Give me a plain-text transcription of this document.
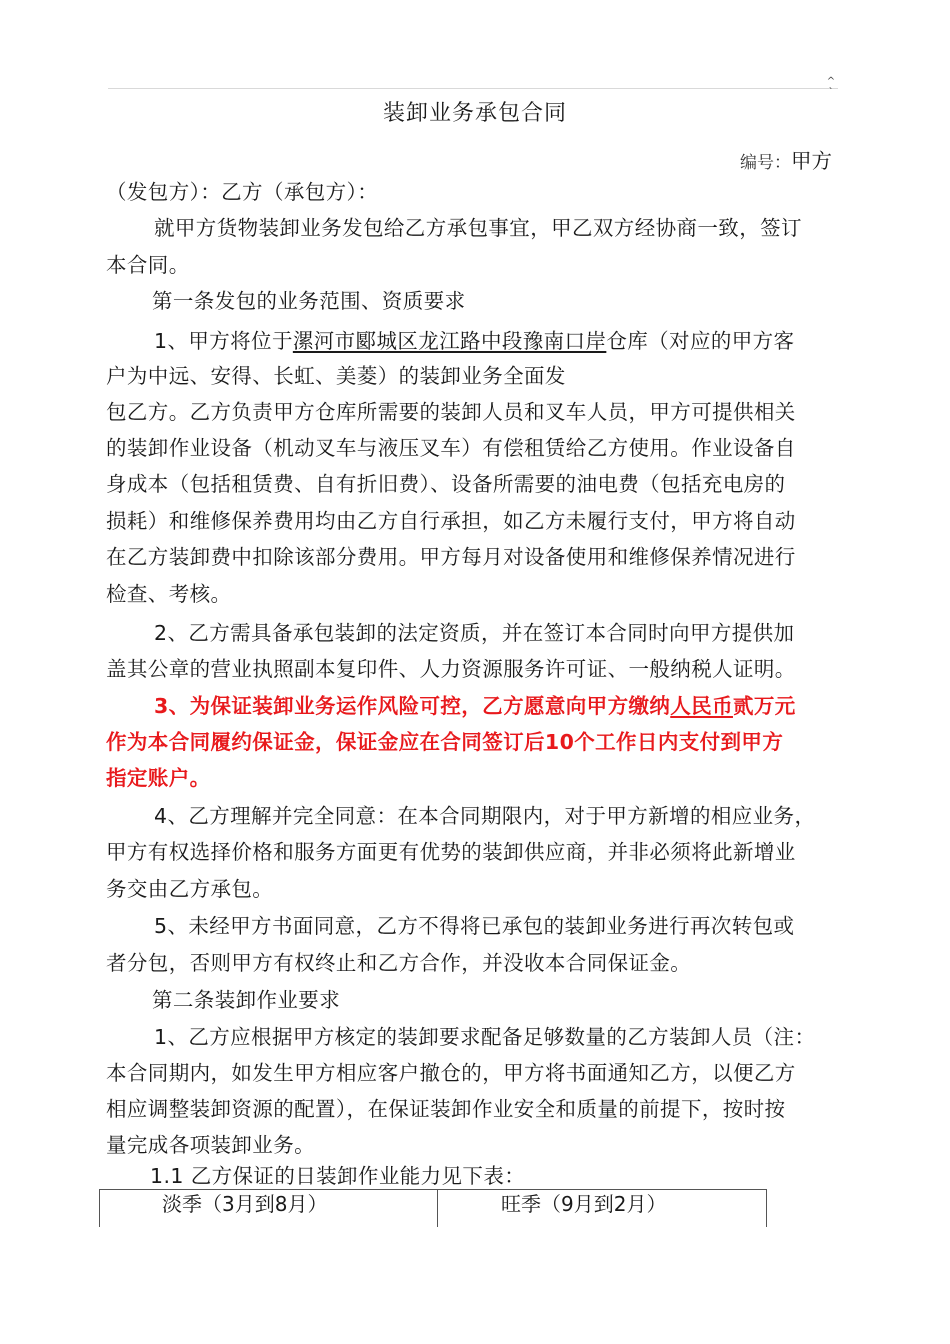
^
`
装卸业务承包合同
编号：甲方
（发包方）：乙方（承包方）：
就甲方货物装卸业务发包给乙方承包事宜，甲乙双方经协商一致，签订
本合同。
第一条发包的业务范围、资质要求
1、甲方将位于漯河市郾城区龙江路中段豫南口岸仓库（对应的甲方客
户为中远、安得、长虹、美菱）的装卸业务全面发
包乙方。乙方负责甲方仓库所需要的装卸人员和叉车人员，甲方可提供相关
的装卸作业设备（机动叉车与液压叉车）有偿租赁给乙方使用。作业设备自
身成本（包括租赁费、自有折旧费）、设备所需要的油电费（包括充电房的
损耗）和维修保养费用均由乙方自行承担，如乙方未履行支付，甲方将自动
在乙方装卸费中扣除该部分费用。甲方每月对设备使用和维修保养情况进行
检查、考核。
2、乙方需具备承包装卸的法定资质，并在签订本合同时向甲方提供加
盖其公章的营业执照副本复印件、人力资源服务许可证、一般纳税人证明。
3、为保证装卸业务运作风险可控，乙方愿意向甲方缴纳人民币贰万元
作为本合同履约保证金，保证金应在合同签订后10个工作日内支付到甲方
指定账户。
4、乙方理解并完全同意：在本合同期限内，对于甲方新增的相应业务，
甲方有权选择价格和服务方面更有优势的装卸供应商，并非必须将此新增业
务交由乙方承包。
5、未经甲方书面同意，乙方不得将已承包的装卸业务进行再次转包或
者分包，否则甲方有权终止和乙方合作，并没收本合同保证金。
第二条装卸作业要求
1、乙方应根据甲方核定的装卸要求配备足够数量的乙方装卸人员（注：
本合同期内，如发生甲方相应客户撤仓的，甲方将书面通知乙方，以便乙方
相应调整装卸资源的配置），在保证装卸作业安全和质量的前提下，按时按
量完成各项装卸业务。
1.1 乙方保证的日装卸作业能力见下表：
淡季（3月到8月）	旺季（9月到2月）
